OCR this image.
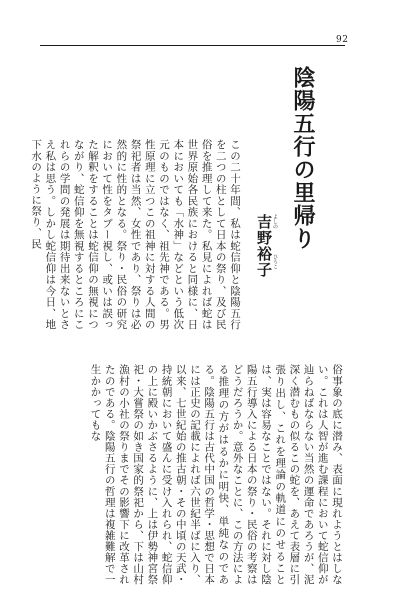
92
陰陽五行の里帰り
吉野裕子 よしの
ひろこ

この二十年間、私は蛇信仰と陰陽五行を二つの柱として日本の祭り、及び民俗を推理して来た。私見によれば蛇は世界原始各民族におけると同様に、日本においても「水神」などという低次元のものではなく、祖先神である。男性原理に立つこの祖神に対する人間の祭祀者は当然、女性であり、祭りは必然的に性的となる。祭り・民俗の研究において性をタブー視し、或いは誤った解釈をすることは蛇信仰の無視につながり、蛇信仰を無視するところにこれらの学問の発展は期待出来ないとさえ私は思う。しかし蛇信仰は今日、地下水のように祭り、民

俗事象の底に潜み、表面に現れようとはしない。これは人智が進む課程において蛇信仰が辿らねばならない当然の運命であろうが、泥深く潜むもの似るこの蛇を、あえて表層に引張り出し、これを理論の軌道にのせることは、実は容易なことではない。それに対し陰陽五行導入による日本の祭り・民俗の考察はどうだろうか。意外なことに、この方法による推理の方がはるかに明快、単純なのである。陰陽五行は古代中国の哲学・思想で日本には正史の記載によれば六世紀半ばに入り、以来、七世紀始の推古朝・その中頃の天武・持統朝において盛んに受け入れられ、蛇信仰の上に殿いかぶさるように、上は伊勢神宮祭祀・大嘗祭の如き国家的祭祀から、下は山村漁村の小社の祭りまでその影響下に改革されたのである。陰陽五行の哲理は複雑難解で一生かかってもな
